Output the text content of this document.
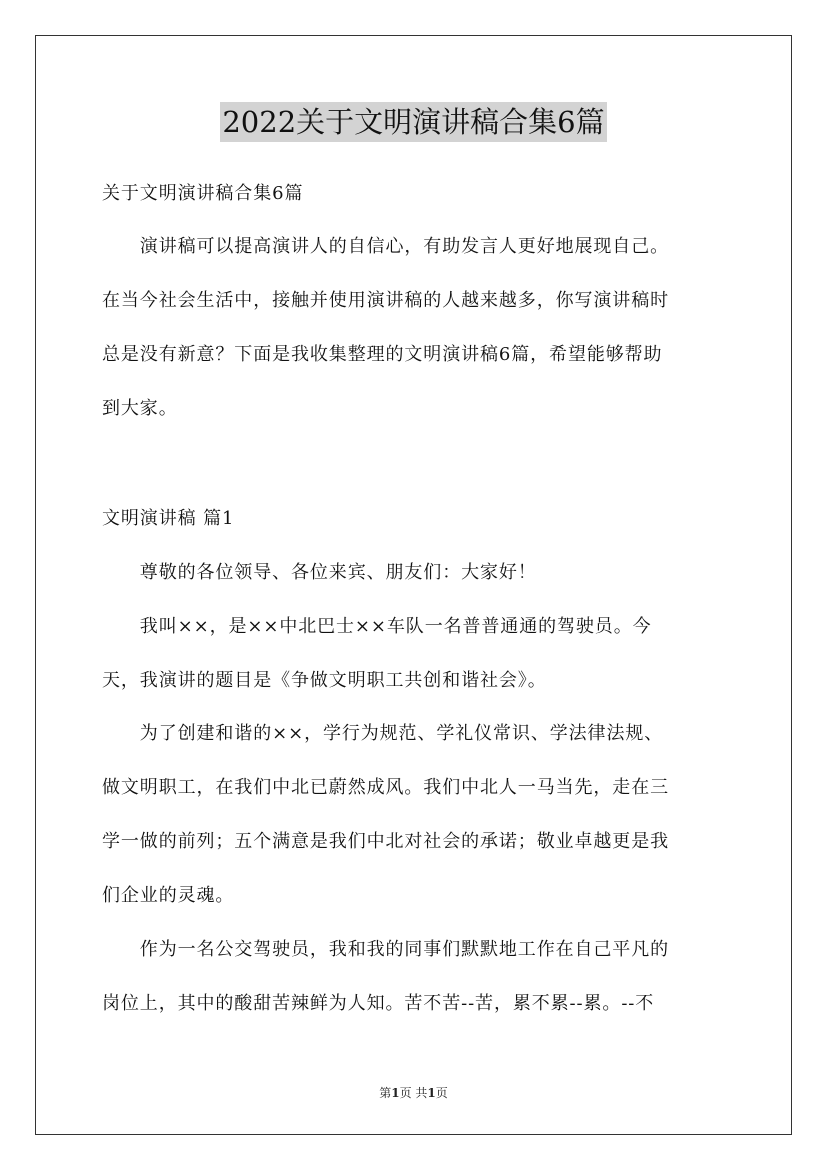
2022关于文明演讲稿合集6篇
关于文明演讲稿合集6篇
　　演讲稿可以提高演讲人的自信心，有助发言人更好地展现自己。
在当今社会生活中，接触并使用演讲稿的人越来越多，你写演讲稿时
总是没有新意？下面是我收集整理的文明演讲稿6篇，希望能够帮助
到大家。
文明演讲稿 篇1
　　尊敬的各位领导、各位来宾、朋友们：大家好！
　　我叫××，是××中北巴士××车队一名普普通通的驾驶员。今
天，我演讲的题目是《争做文明职工共创和谐社会》。
　　为了创建和谐的××，学行为规范、学礼仪常识、学法律法规、
做文明职工，在我们中北已蔚然成风。我们中北人一马当先，走在三
学一做的前列；五个满意是我们中北对社会的承诺；敬业卓越更是我
们企业的灵魂。
　　作为一名公交驾驶员，我和我的同事们默默地工作在自己平凡的
岗位上，其中的酸甜苦辣鲜为人知。苦不苦--苦，累不累--累。--不
第1页 共1页
